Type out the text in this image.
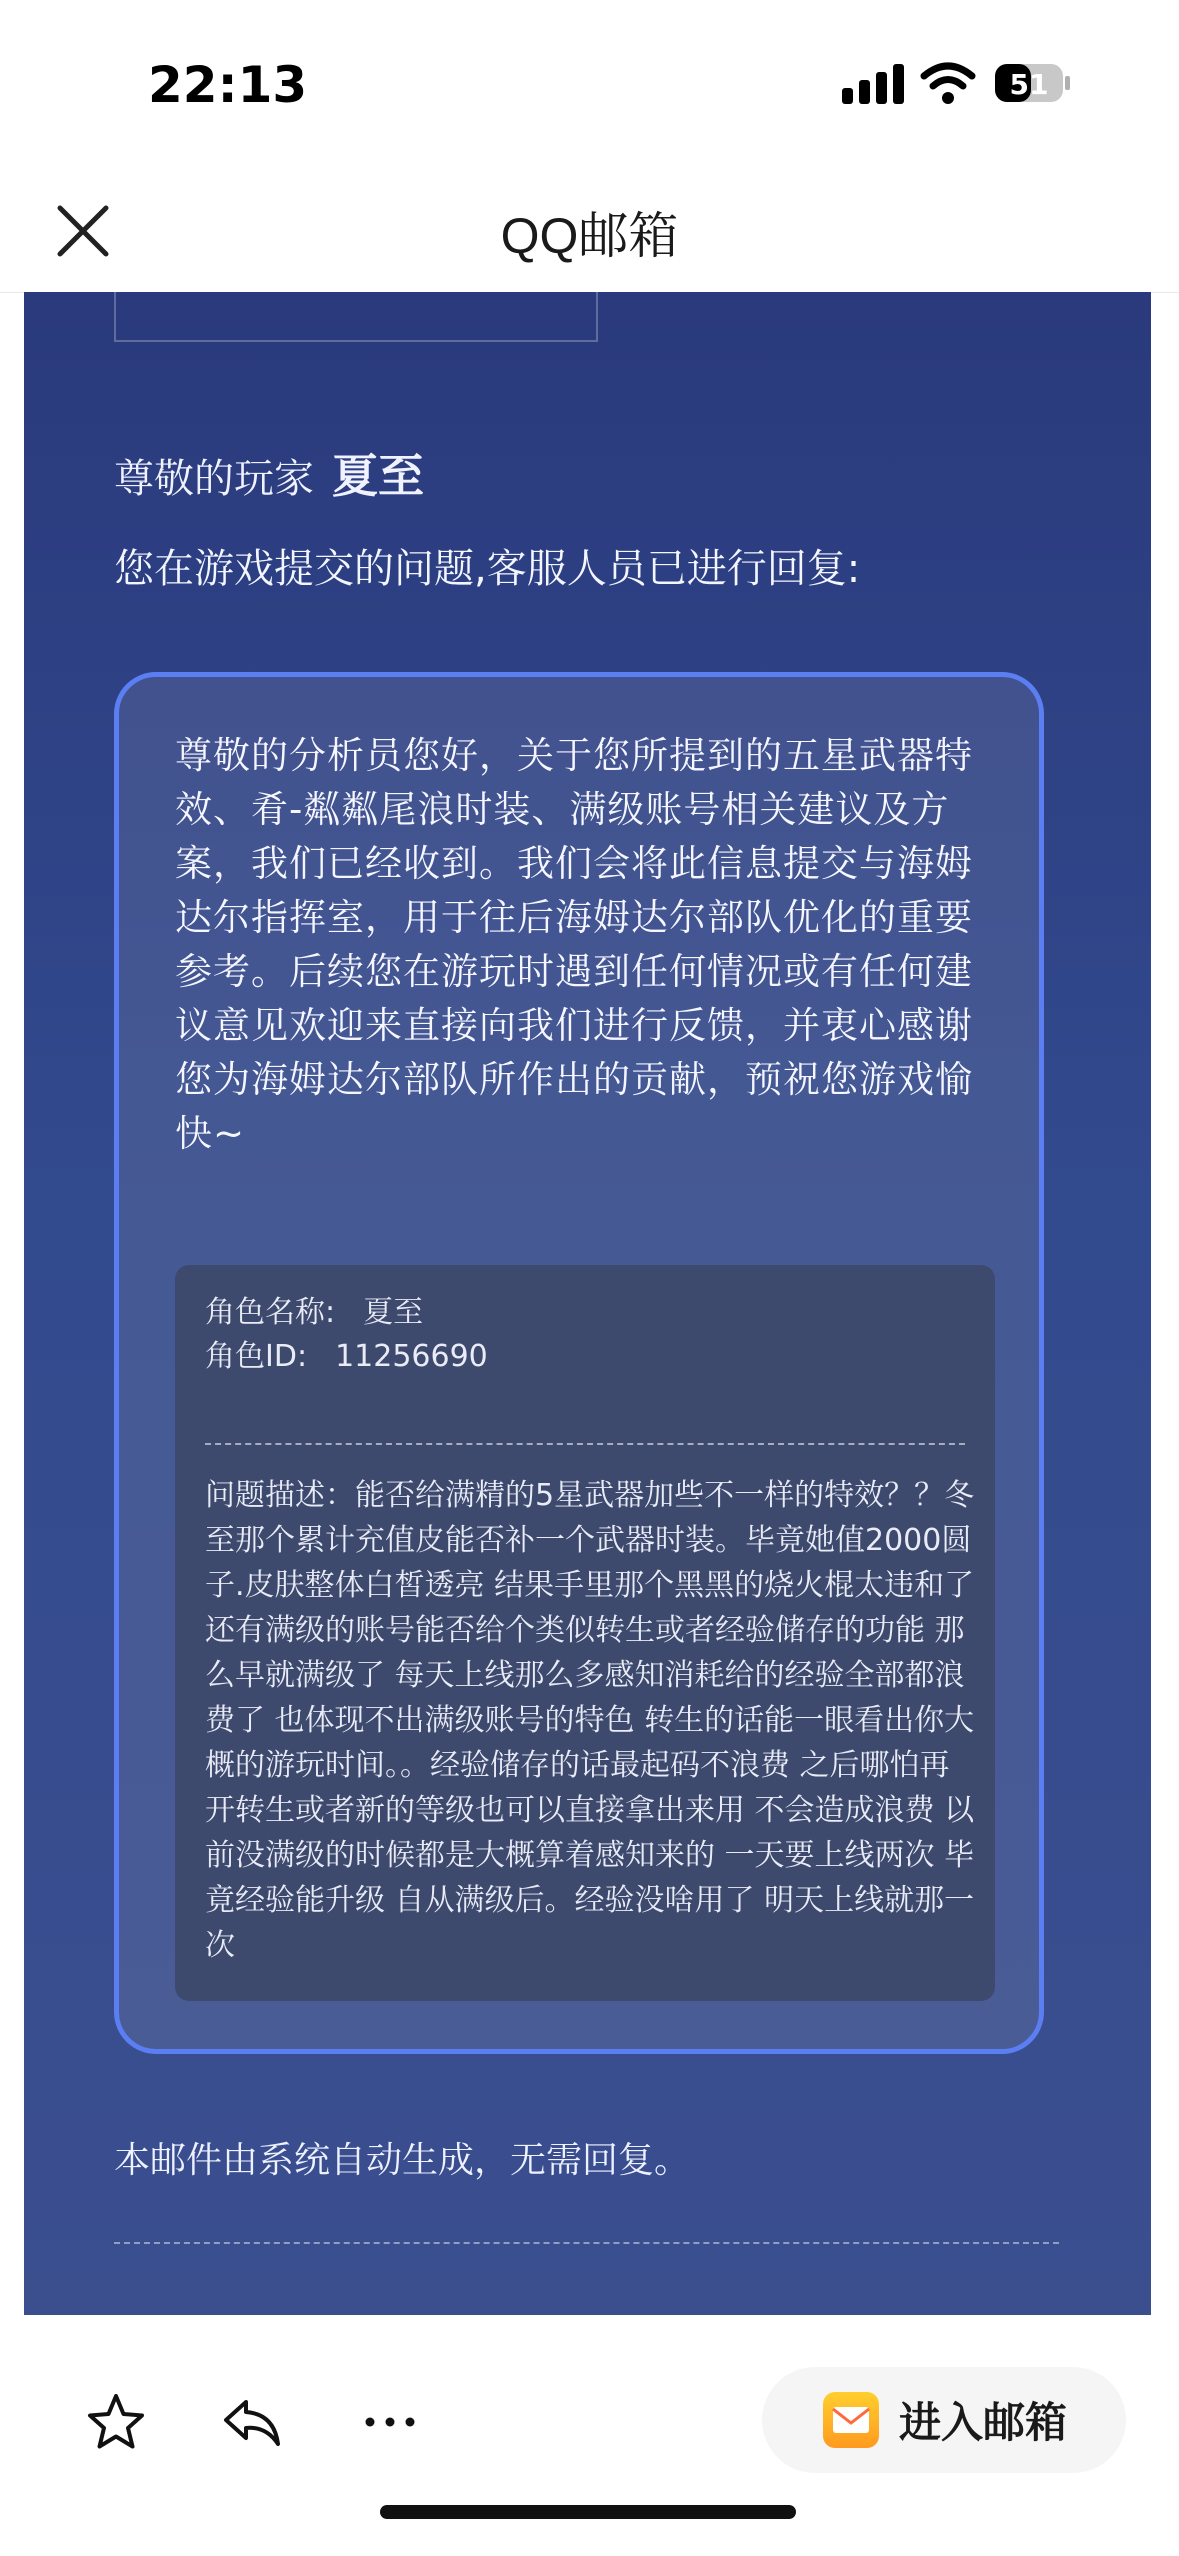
22:13	51
QQ邮箱
尊敬的玩家 夏至
您在游戏提交的问题,客服人员已进行回复:
尊敬的分析员您好，关于您所提到的五星武器特效、肴-粼粼尾浪时装、满级账号相关建议及方案，我们已经收到。我们会将此信息提交与海姆达尔指挥室，用于往后海姆达尔部队优化的重要参考。后续您在游玩时遇到任何情况或有任何建议意见欢迎来直接向我们进行反馈，并衷心感谢您为海姆达尔部队所作出的贡献，预祝您游戏愉快~
角色名称: 夏至
角色ID: 11256690
问题描述：能否给满精的5星武器加些不一样的特效？？冬至那个累计充值皮能否补一个武器时装。毕竟她值2000圆子.皮肤整体白皙透亮 结果手里那个黑黑的烧火棍太违和了 还有满级的账号能否给个类似转生或者经验储存的功能 那么早就满级了 每天上线那么多感知消耗给的经验全部都浪费了 也体现不出满级账号的特色 转生的话能一眼看出你大概的游玩时间。。经验储存的话最起码不浪费 之后哪怕再开转生或者新的等级也可以直接拿出来用 不会造成浪费 以前没满级的时候都是大概算着感知来的 一天要上线两次 毕竟经验能升级 自从满级后。经验没啥用了 明天上线就那一次
本邮件由系统自动生成，无需回复。
进入邮箱
